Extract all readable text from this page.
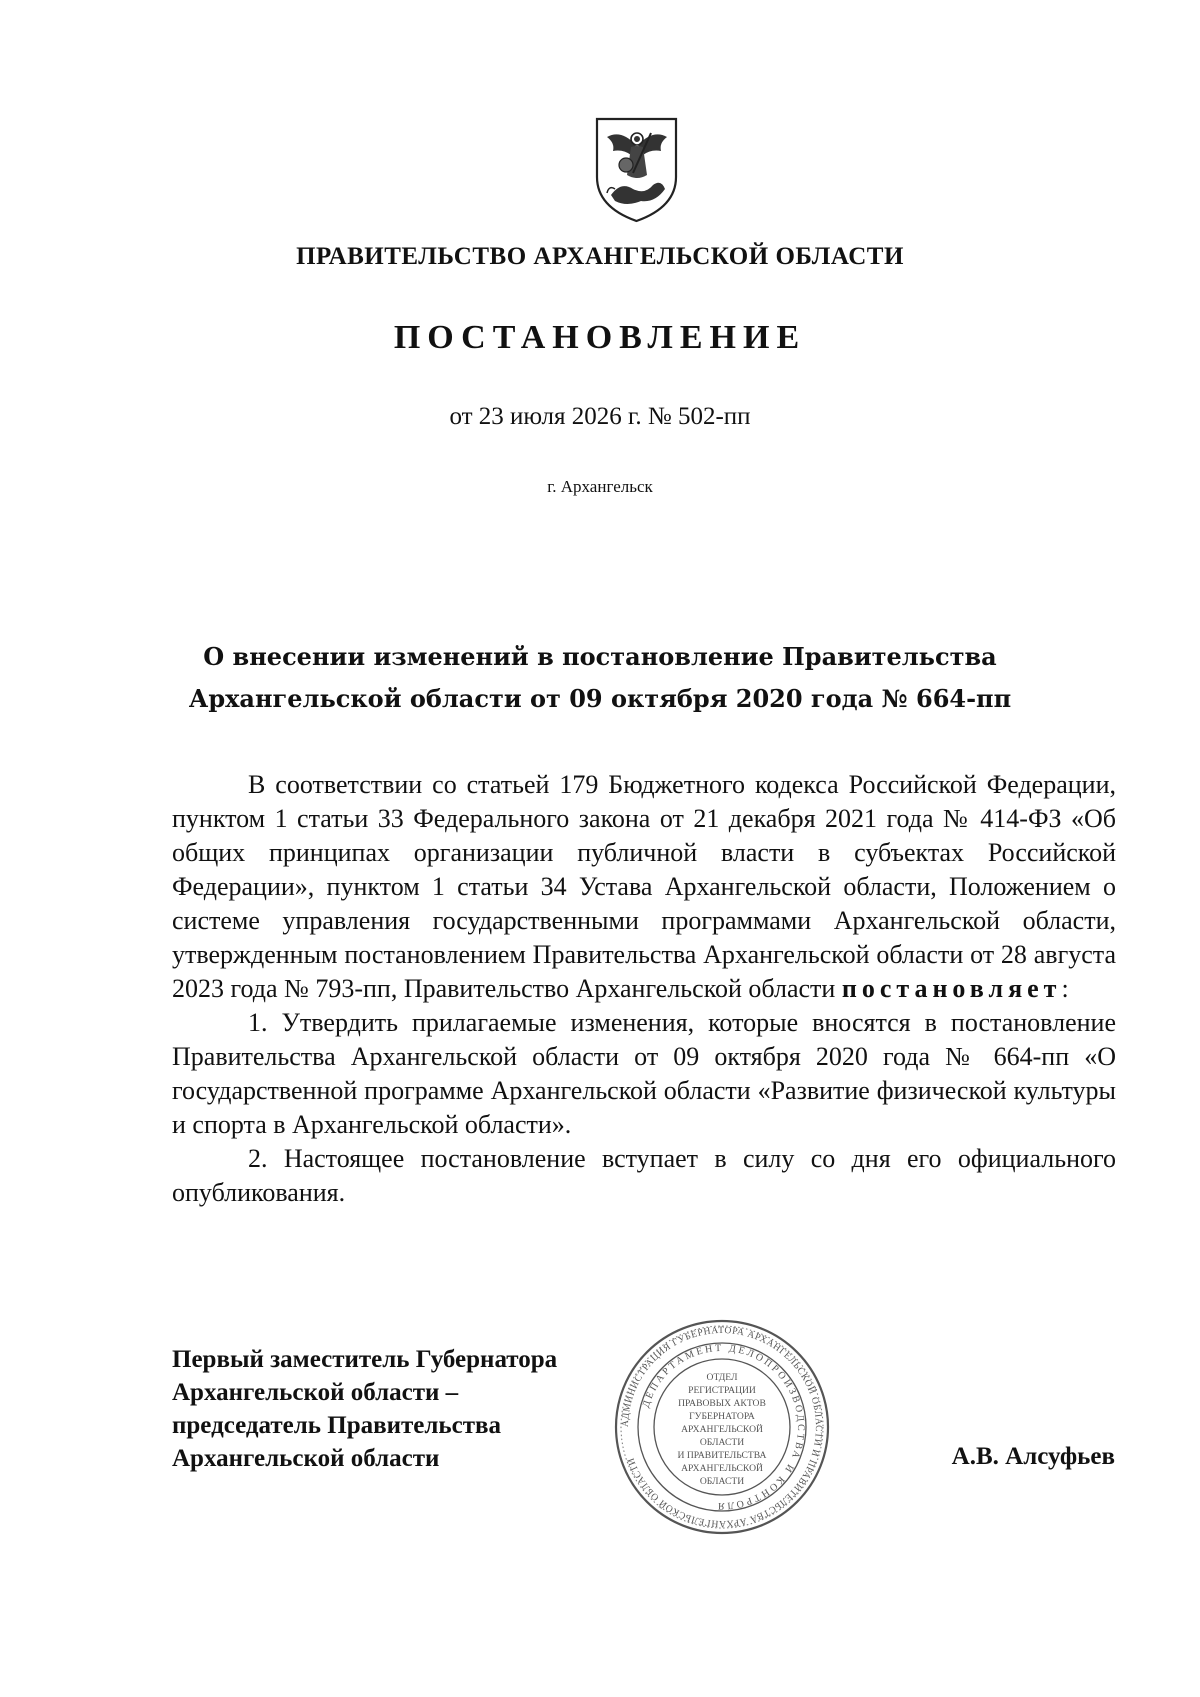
ПРАВИТЕЛЬСТВО АРХАНГЕЛЬСКОЙ ОБЛАСТИ
ПОСТАНОВЛЕНИЕ
от 23 июля 2026 г. № 502-пп
г. Архангельск
О внесении изменений в постановление Правительства
Архангельской области от 09 октября 2020 года № 664-пп

В соответствии со статьей 179 Бюджетного кодекса Российской Федерации, пунктом 1 статьи 33 Федерального закона от 21 декабря 2021 года № 414-ФЗ «Об общих принципах организации публичной власти в субъектах Российской Федерации», пунктом 1 статьи 34 Устава Архангельской области, Положением о системе управления государственными программами Архангельской области, утвержденным постановлением Правительства Архангельской области от 28 августа 2023 года № 793-пп, Правительство Архангельской области постановляет:

1. Утвердить прилагаемые изменения, которые вносятся в постановление Правительства Архангельской области от 09 октября 2020 года № 664-пп «О государственной программе Архангельской области «Развитие физической культуры и спорта в Архангельской области».

2. Настоящее постановление вступает в силу со дня его официального опубликования.

Первый заместитель Губернатора
Архангельской области –
председатель Правительства
Архангельской области
АДМИНИСТРАЦИЯ ГУБЕРНАТОРА АРХАНГЕЛЬСКОЙ ОБЛАСТИ И ПРАВИТЕЛЬСТВА АРХАНГЕЛЬСКОЙ ОБЛАСТИ
ДЕПАРТАМЕНТ ДЕЛОПРОИЗВОДСТВА И КОНТРОЛЯ
ОТДЕЛ
РЕГИСТРАЦИИ
ПРАВОВЫХ АКТОВ
ГУБЕРНАТОРА
АРХАНГЕЛЬСКОЙ
ОБЛАСТИ
И ПРАВИТЕЛЬСТВА
АРХАНГЕЛЬСКОЙ
ОБЛАСТИ
А.В. Алсуфьев
